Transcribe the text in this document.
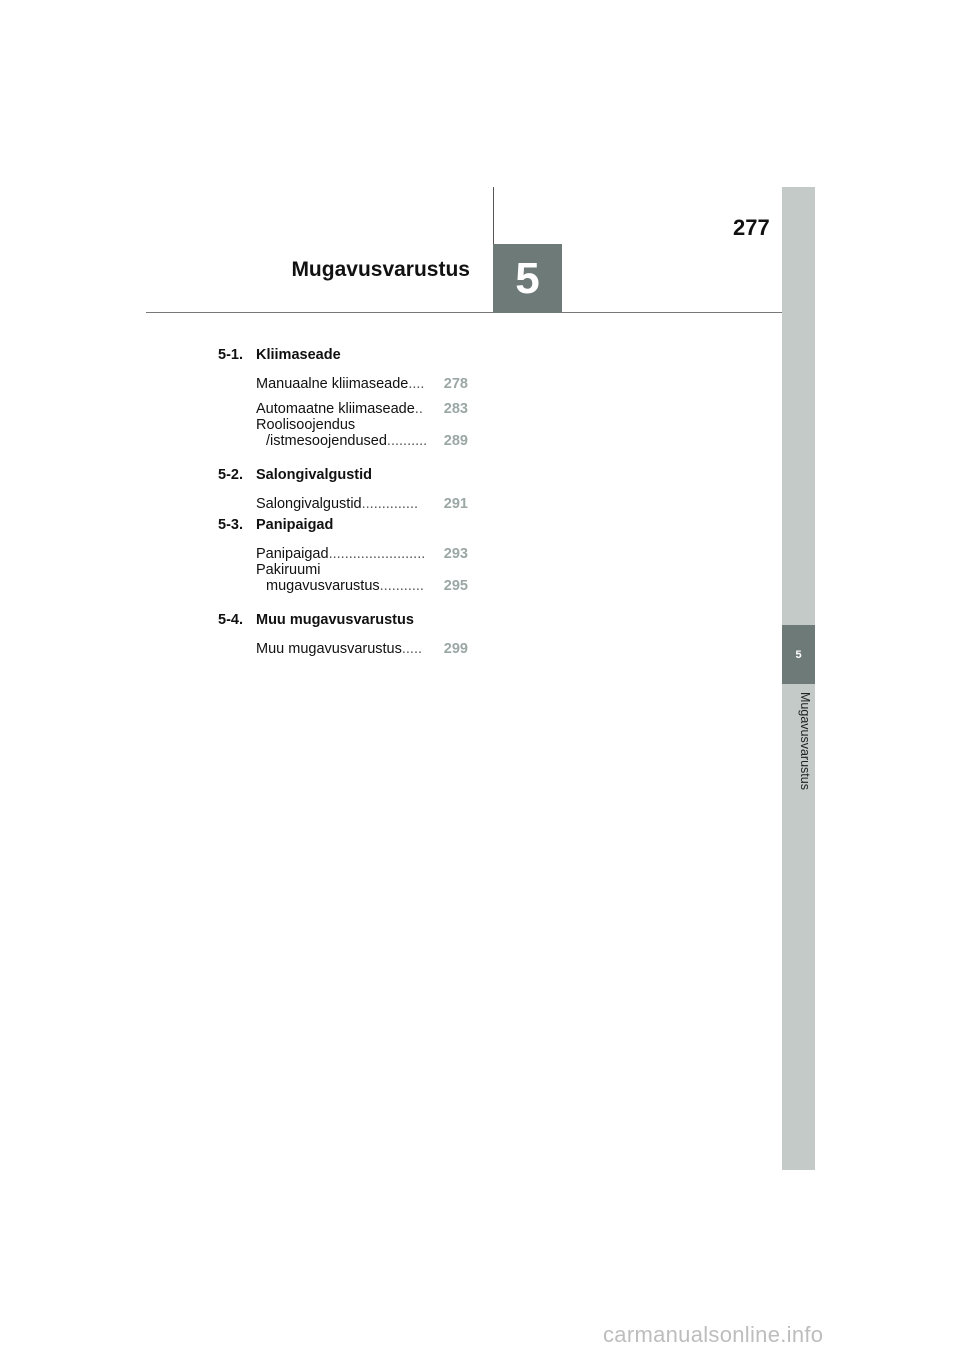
Mugavusvarustus 5
277
5
Mugavusvarustus
5-1. Kliimaseade
Manuaalne kliimaseade ....	278
Automaatne kliimaseade ..	283
Roolisoojendus
/istmesoojendused ..........	289
5-2. Salongivalgustid
Salongivalgustid ..............	291
5-3. Panipaigad
Panipaigad ........................	293
Pakiruumi
mugavusvarustus ...........	295
5-4. Muu mugavusvarustus
Muu mugavusvarustus .....	299
carmanualsonline.info
